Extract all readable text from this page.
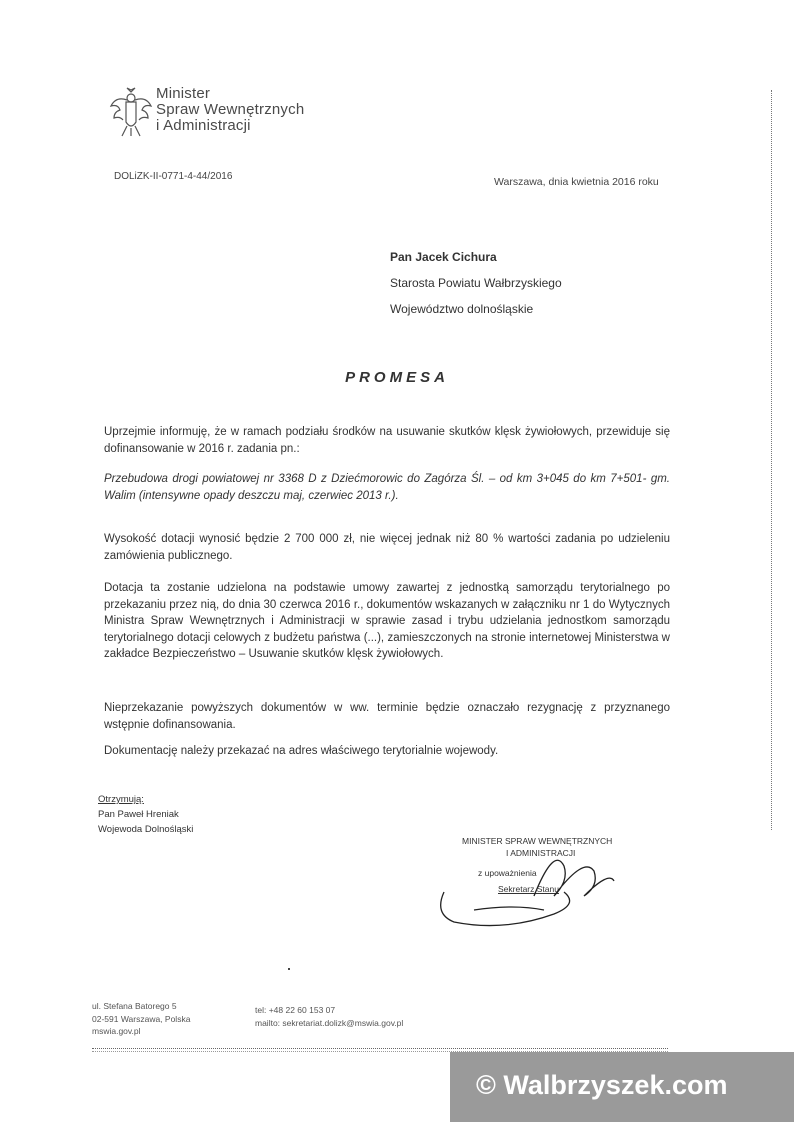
Minister
Spraw Wewnętrznych
i Administracji
DOLiZK-II-0771-4-44/2016	Warszawa, dnia kwietnia 2016 roku
Pan Jacek Cichura
Starosta Powiatu Wałbrzyskiego
Województwo dolnośląskie
PROMESA
Uprzejmie informuję, że w ramach podziału środków na usuwanie skutków klęsk żywiołowych, przewiduje się dofinansowanie w 2016 r. zadania pn.:
Przebudowa drogi powiatowej nr 3368 D z Dziećmorowic do Zagórza Śl. – od km 3+045 do km 7+501- gm. Walim (intensywne opady deszczu maj, czerwiec 2013 r.).
Wysokość dotacji wynosić będzie 2 700 000 zł, nie więcej jednak niż 80 % wartości zadania po udzieleniu zamówienia publicznego.
Dotacja ta zostanie udzielona na podstawie umowy zawartej z jednostką samorządu terytorialnego po przekazaniu przez nią, do dnia 30 czerwca 2016 r., dokumentów wskazanych w załączniku nr 1 do Wytycznych Ministra Spraw Wewnętrznych i Administracji w sprawie zasad i trybu udzielania jednostkom samorządu terytorialnego dotacji celowych z budżetu państwa (...), zamieszczonych na stronie internetowej Ministerstwa w zakładce Bezpieczeństwo – Usuwanie skutków klęsk żywiołowych.
Nieprzekazanie powyższych dokumentów w ww. terminie będzie oznaczało rezygnację z przyznanego wstępnie dofinansowania.
Dokumentację należy przekazać na adres właściwego terytorialnie wojewody.
Otrzymują:
Pan Paweł Hreniak
Wojewoda Dolnośląski
MINISTER SPRAW WEWNĘTRZNYCH
I ADMINISTRACJI
z upoważnienia
Sekretarz Stanu
ul. Stefana Batorego 5
02-591 Warszawa, Polska
mswia.gov.pl
tel: +48 22 60 153 07
mailto: sekretariat.dolizk@mswia.gov.pl
© Walbrzyszek.com
